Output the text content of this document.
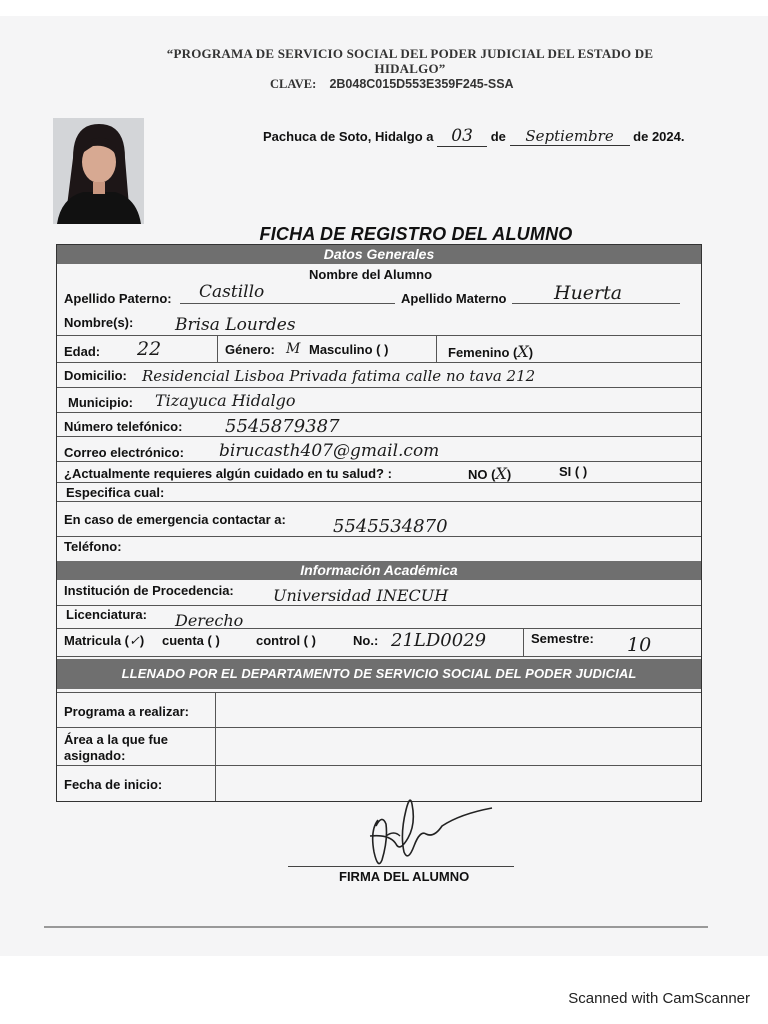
“PROGRAMA DE SERVICIO SOCIAL DEL PODER JUDICIAL DEL ESTADO DE
HIDALGO”
CLAVE: 2B048C015D553E359F245-SSA
Pachuca de Soto, Hidalgo a 03 de Septiembre de 2024.
FICHA DE REGISTRO DEL ALUMNO
Datos Generales
Nombre del Alumno
Apellido Paterno: Castillo	Apellido Materno	Huerta
Nombre(s): Brisa Lourdes
Edad: 22	Género: M Masculino ( )	Femenino (X)
Domicilio: Residencial Lisboa Privada fatima calle no tava 212
Municipio: Tizayuca Hidalgo
Número telefónico: 5545879387
Correo electrónico: birucasth407@gmail.com
¿Actualmente requieres algún cuidado en tu salud? :	NO (X)	SI ( )
Especifica cual:
En caso de emergencia contactar a:	5545534870
Teléfono:
Información Académica
Institución de Procedencia: Universidad INECUH
Licenciatura: Derecho
Matricula (✓) cuenta ( )	control ( )	No.: 21LD0029	Semestre: 10
LLENADO POR EL DEPARTAMENTO DE SERVICIO SOCIAL DEL PODER JUDICIAL
Programa a realizar:
Área a la que fue
asignado:
Fecha de inicio:
FIRMA DEL ALUMNO
Scanned with CamScanner
